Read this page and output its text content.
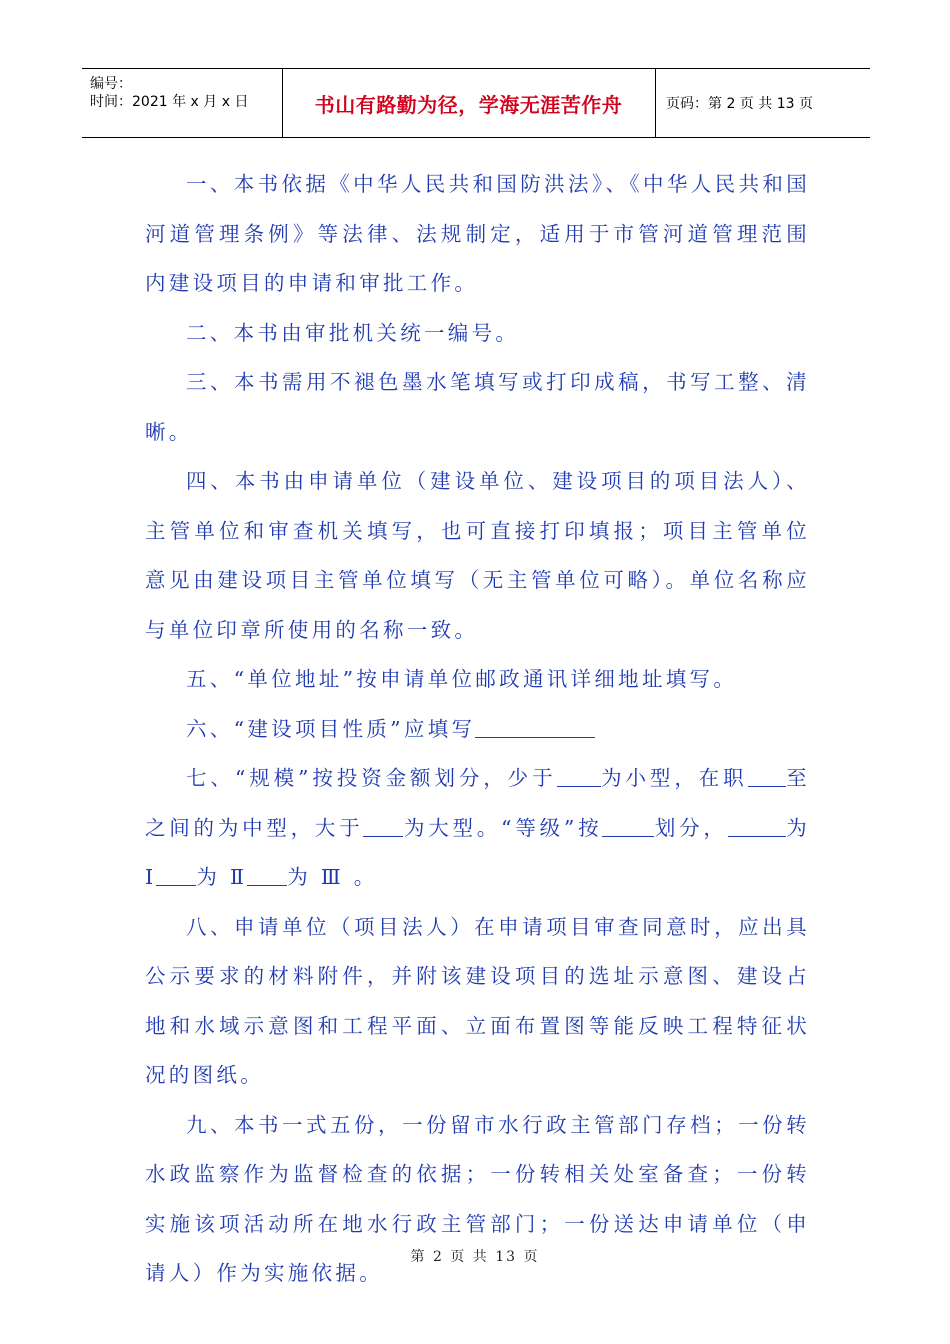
编号：
时间：2021 年 x 月 x 日	书山有路勤为径，学海无涯苦作舟	页码：第 2 页 共 13 页

一、本书依据《中华人民共和国防洪法》、《中华人民共和国河道管理条例》等法律、法规制定，适用于市管河道管理范围内建设项目的申请和审批工作。

二、本书由审批机关统一编号。

三、本书需用不褪色墨水笔填写或打印成稿，书写工整、清晰。

四、本书由申请单位（建设单位、建设项目的项目法人）、主管单位和审查机关填写，也可直接打印填报；项目主管单位意见由建设项目主管单位填写（无主管单位可略）。单位名称应与单位印章所使用的名称一致。

五、“单位地址”按申请单位邮政通讯详细地址填写。

六、“建设项目性质”应填写

七、“规模”按投资金额划分，少于 为小型，在职 至之间的为中型，大于 为大型。“等级”按	划分，	为 Ⅰ 为 Ⅱ 为 Ⅲ 。

八、申请单位（项目法人）在申请项目审查同意时，应出具公示要求的材料附件，并附该建设项目的选址示意图、建设占地和水域示意图和工程平面、立面布置图等能反映工程特征状况的图纸。

九、本书一式五份，一份留市水行政主管部门存档；一份转水政监察作为监督检查的依据；一份转相关处室备查；一份转实施该项活动所在地水行政主管部门；一份送达申请单位（申请人）作为实施依据。

第 2 页 共 13 页
